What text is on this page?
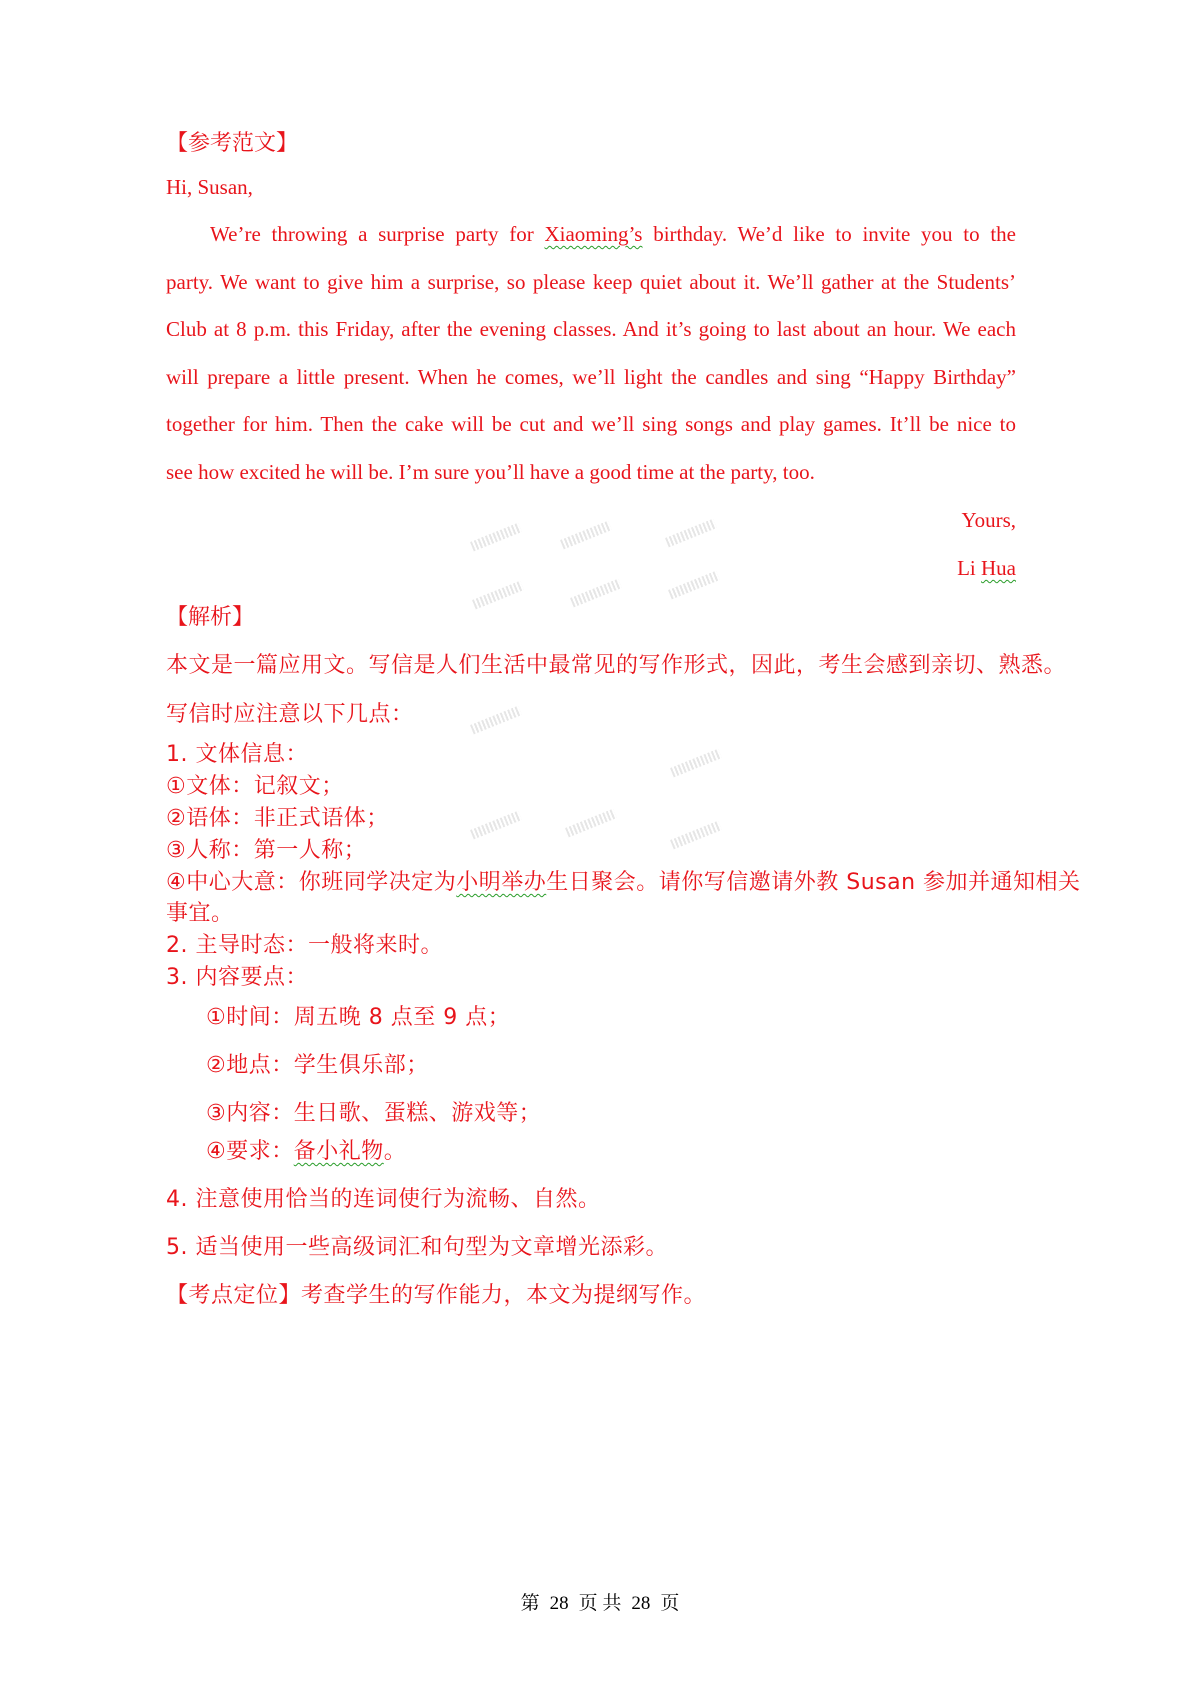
【参考范文】
Hi, Susan,
We’re throwing a surprise party for Xiaoming’s birthday. We’d like to invite you to the
party. We want to give him a surprise, so please keep quiet about it. We’ll gather at the Students’
Club at 8 p.m. this Friday, after the evening classes. And it’s going to last about an hour. We each
will prepare a little present. When he comes, we’ll light the candles and sing “Happy Birthday”
together for him. Then the cake will be cut and we’ll sing songs and play games. It’ll be nice to
see how excited he will be. I’m sure you’ll have a good time at the party, too.
Yours,
Li Hua
【解析】
本文是一篇应用文。写信是人们生活中最常见的写作形式，因此，考生会感到亲切、熟悉。
写信时应注意以下几点：
1. 文体信息：
①文体：记叙文；
②语体：非正式语体；
③人称：第一人称；
④中心大意：你班同学决定为小明举办生日聚会。请你写信邀请外教 Susan 参加并通知相关
事宜。
2. 主导时态：一般将来时。
3. 内容要点：
①时间：周五晚 8 点至 9 点；
②地点：学生俱乐部；
③内容：生日歌、蛋糕、游戏等；
④要求：备小礼物。
4. 注意使用恰当的连词使行为流畅、自然。
5. 适当使用一些高级词汇和句型为文章增光添彩。
【考点定位】考查学生的写作能力，本文为提纲写作。
第 28 页 共 28 页
